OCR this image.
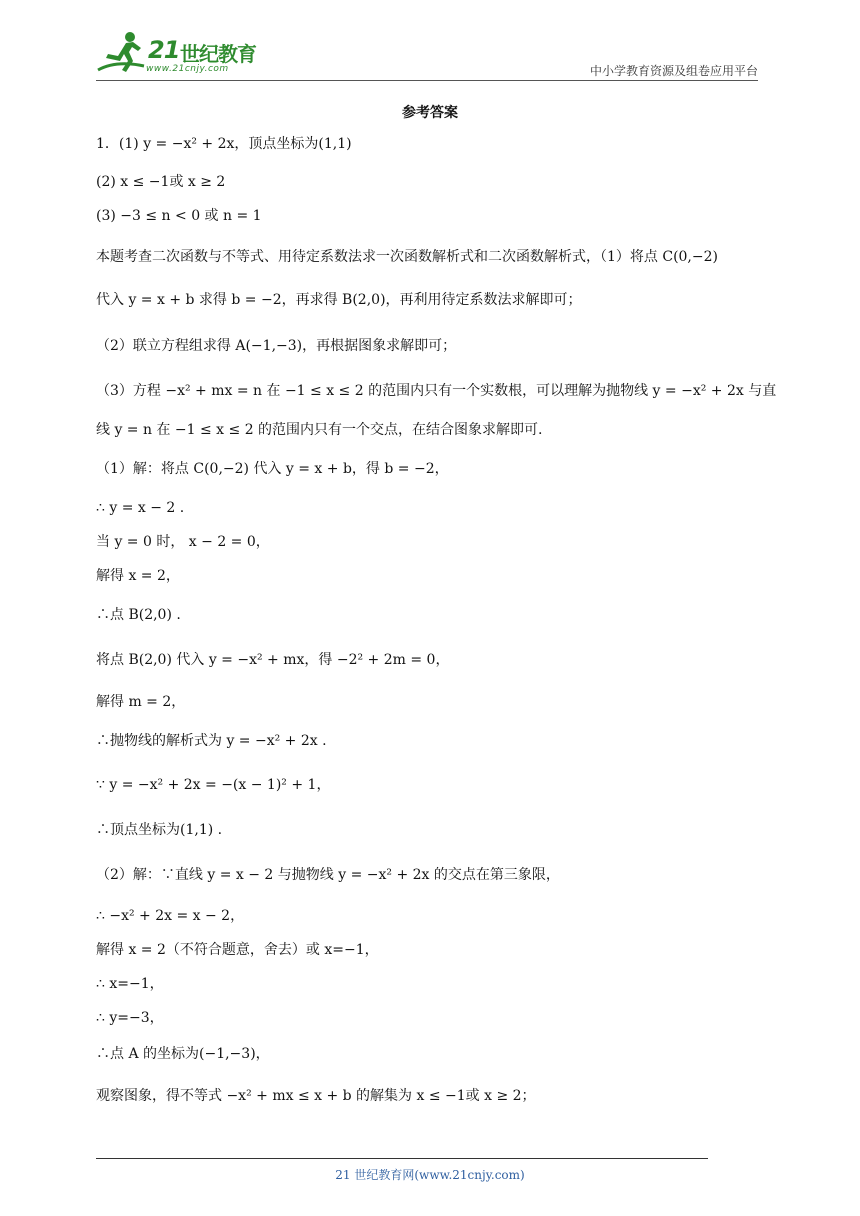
21 世纪教育
www.21cnjy.com	中小学教育资源及组卷应用平台
参考答案
1．(1) y = −x² + 2x，顶点坐标为(1,1)
(2) x ≤ −1或 x ≥ 2
(3) −3 ≤ n < 0 或 n = 1
本题考查二次函数与不等式、用待定系数法求一次函数解析式和二次函数解析式，（1）将点 C(0,−2)
代入 y = x + b 求得 b = −2，再求得 B(2,0)，再利用待定系数法求解即可；
（2）联立方程组求得 A(−1,−3)，再根据图象求解即可；
（3）方程 −x² + mx = n 在 −1 ≤ x ≤ 2 的范围内只有一个实数根，可以理解为抛物线 y = −x² + 2x 与直
线 y = n 在 −1 ≤ x ≤ 2 的范围内只有一个交点，在结合图象求解即可.
（1）解：将点 C(0,−2) 代入 y = x + b，得 b = −2，
∴ y = x − 2 .
当 y = 0 时， x − 2 = 0，
解得 x = 2，
∴点 B(2,0) .
将点 B(2,0) 代入 y = −x² + mx，得 −2² + 2m = 0，
解得 m = 2，
∴抛物线的解析式为 y = −x² + 2x .
∵ y = −x² + 2x = −(x − 1)² + 1，
∴顶点坐标为(1,1) .
（2）解：∵直线 y = x − 2 与抛物线 y = −x² + 2x 的交点在第三象限，
∴ −x² + 2x = x − 2，
解得 x = 2（不符合题意，舍去）或 x=−1，
∴ x=−1，
∴ y=−3，
∴点 A 的坐标为(−1,−3)，
观察图象，得不等式 −x² + mx ≤ x + b 的解集为 x ≤ −1或 x ≥ 2；
21 世纪教育网(www.21cnjy.com)
